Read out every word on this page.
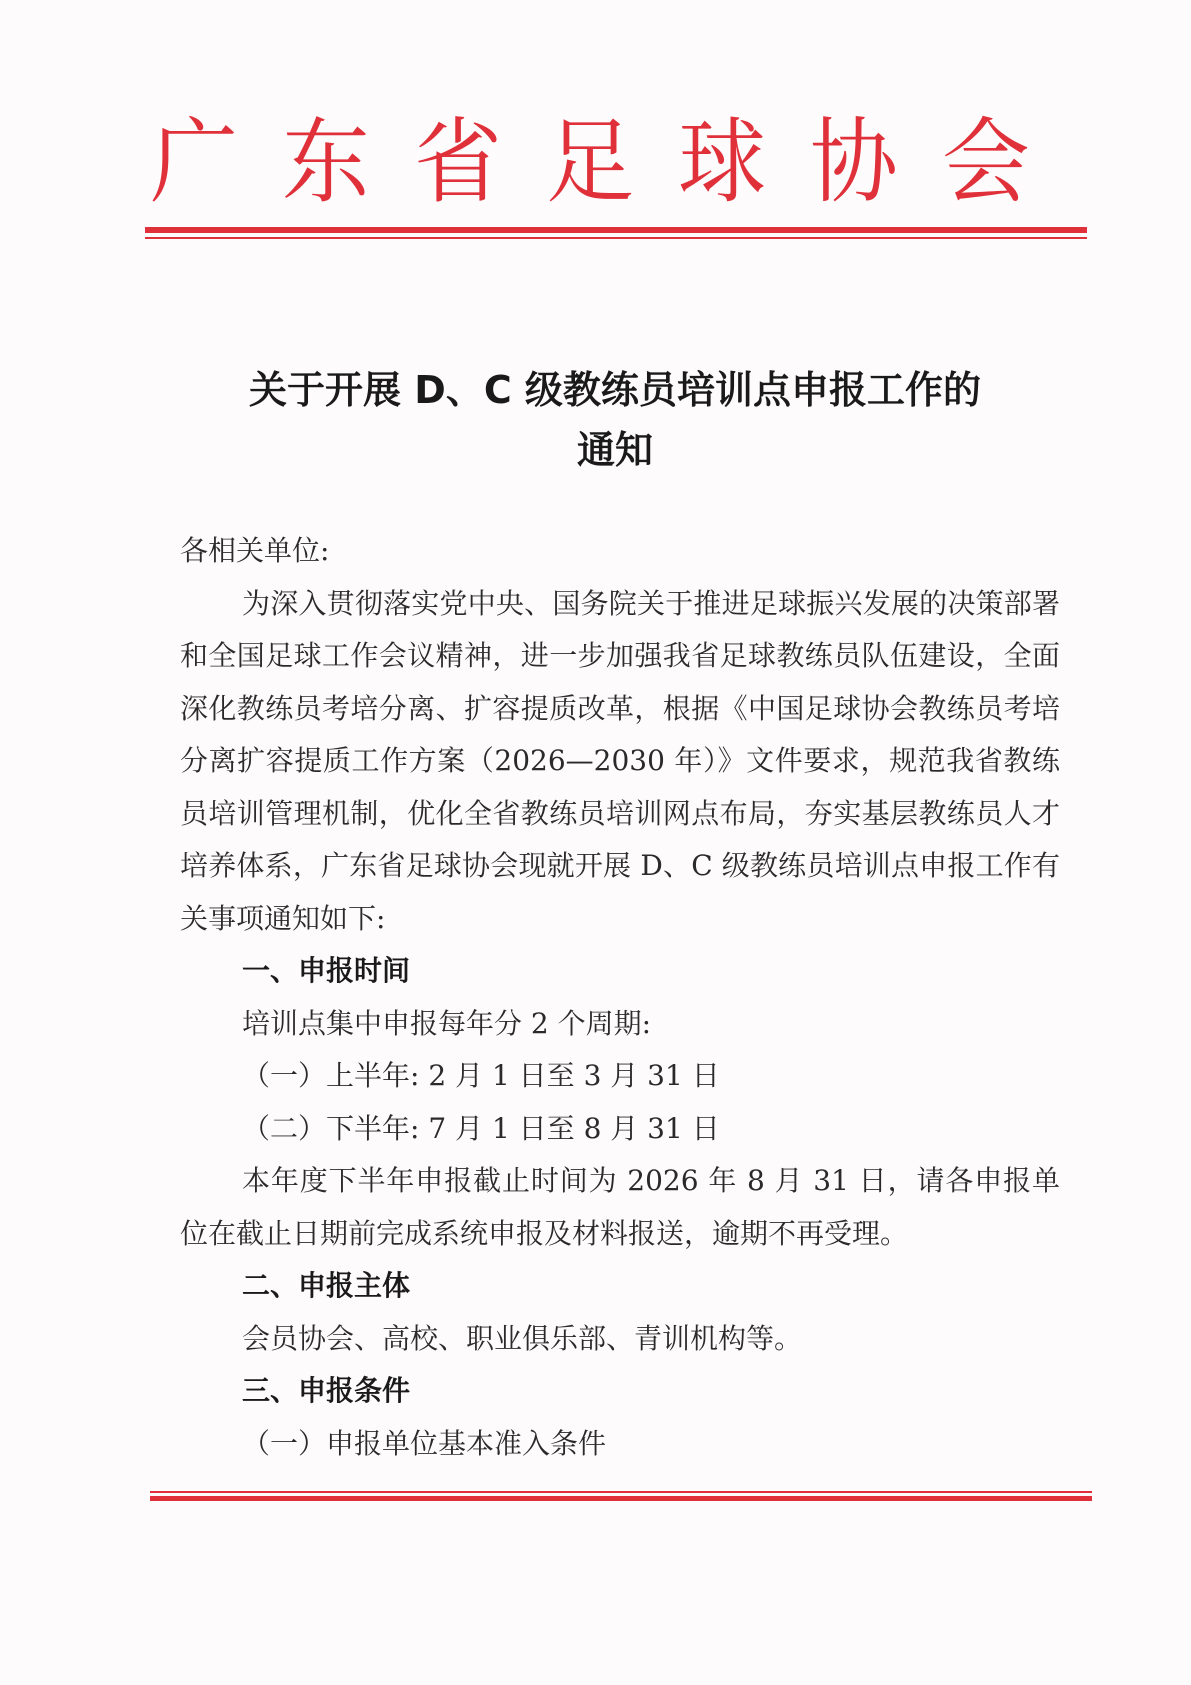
广 东 省 足 球 协 会
关于开展 D、C 级教练员培训点申报工作的
通知

各相关单位:

为深入贯彻落实党中央、国务院关于推进足球振兴发展的决策部署和全国足球工作会议精神，进一步加强我省足球教练员队伍建设，全面深化教练员考培分离、扩容提质改革，根据《中国足球协会教练员考培分离扩容提质工作方案（2026—2030 年）》文件要求，规范我省教练员培训管理机制，优化全省教练员培训网点布局，夯实基层教练员人才培养体系，广东省足球协会现就开展 D、C 级教练员培训点申报工作有关事项通知如下:

一、申报时间

培训点集中申报每年分 2 个周期:

（一）上半年: 2 月 1 日至 3 月 31 日

（二）下半年: 7 月 1 日至 8 月 31 日

本年度下半年申报截止时间为 2026 年 8 月 31 日，请各申报单位在截止日期前完成系统申报及材料报送，逾期不再受理。

二、申报主体

会员协会、高校、职业俱乐部、青训机构等。

三、申报条件

（一）申报单位基本准入条件
